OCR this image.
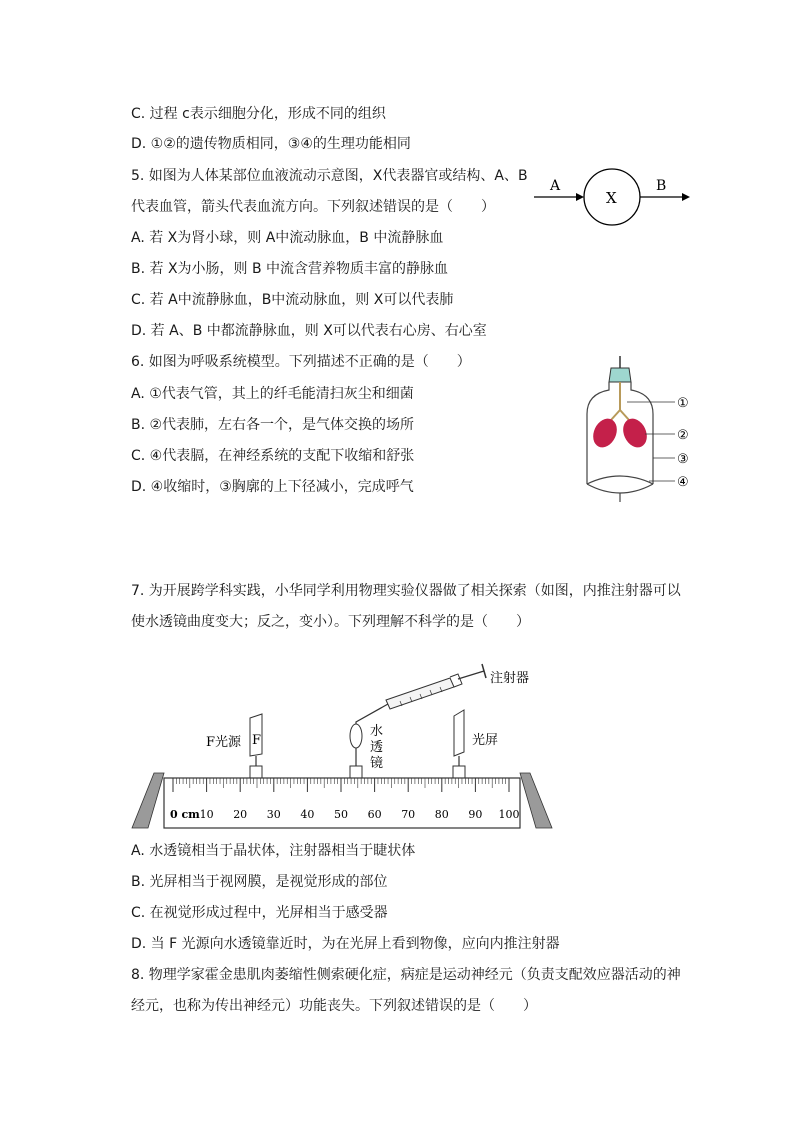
C. 过程 c表示细胞分化，形成不同的组织
D. ①②的遗传物质相同，③④的生理功能相同
5. 如图为人体某部位血液流动示意图，X代表器官或结构、A、B
代表血管，箭头代表血流方向。下列叙述错误的是（　　）
A. 若 X为肾小球，则 A中流动脉血，B 中流静脉血
B. 若 X为小肠，则 B 中流含营养物质丰富的静脉血
C. 若 A中流静脉血，B中流动脉血，则 X可以代表肺
D. 若 A、B 中都流静脉血，则 X可以代表右心房、右心室
A
X
B
6. 如图为呼吸系统模型。下列描述不正确的是（　　）
A. ①代表气管，其上的纤毛能清扫灰尘和细菌
B. ②代表肺，左右各一个，是气体交换的场所
C. ④代表膈，在神经系统的支配下收缩和舒张
D. ④收缩时，③胸廓的上下径减小，完成呼气
①
②
③
④
7. 为开展跨学科实践，小华同学利用物理实验仪器做了相关探索（如图，内推注射器可以
使水透镜曲度变大；反之，变小）。下列理解不科学的是（　　）
注射器
F
F光源
水
透
镜
光屏
0 cm 10 20 30 40 50 60 70 80 90 100
A. 水透镜相当于晶状体，注射器相当于睫状体
B. 光屏相当于视网膜，是视觉形成的部位
C. 在视觉形成过程中，光屏相当于感受器
D. 当 F 光源向水透镜靠近时，为在光屏上看到物像，应向内推注射器
8. 物理学家霍金患肌肉萎缩性侧索硬化症，病症是运动神经元（负责支配效应器活动的神
经元，也称为传出神经元）功能丧失。下列叙述错误的是（　　）
